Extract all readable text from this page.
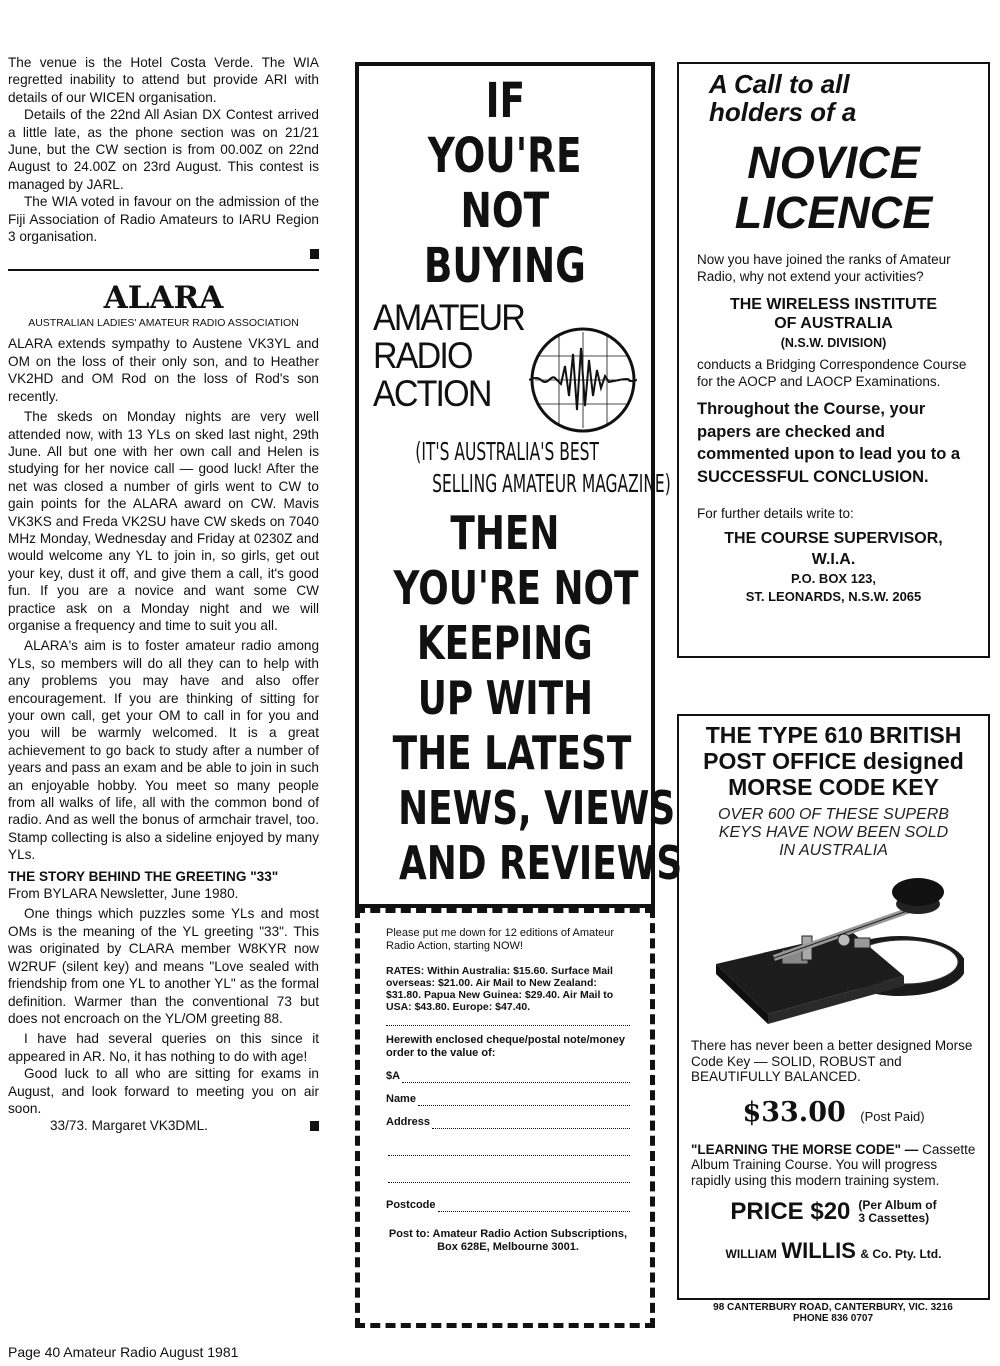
The venue is the Hotel Costa Verde. The WIA regretted inability to attend but provide ARI with details of our WICEN organisation.

Details of the 22nd All Asian DX Contest arrived a little late, as the phone section was on 21/21 June, but the CW section is from 00.00Z on 22nd August to 24.00Z on 23rd August. This contest is managed by JARL.

The WIA voted in favour on the admission of the Fiji Association of Radio Amateurs to IARU Region 3 organisation.

ALARA
AUSTRALIAN LADIES' AMATEUR RADIO ASSOCIATION

ALARA extends sympathy to Austene VK3YL and OM on the loss of their only son, and to Heather VK2HD and OM Rod on the loss of Rod's son recently.

The skeds on Monday nights are very well attended now, with 13 YLs on sked last night, 29th June. All but one with her own call and Helen is studying for her novice call — good luck! After the net was closed a number of girls went to CW to gain points for the ALARA award on CW. Mavis VK3KS and Freda VK2SU have CW skeds on 7040 MHz Monday, Wednesday and Friday at 0230Z and would welcome any YL to join in, so girls, get out your key, dust it off, and give them a call, it's good fun. If you are a novice and want some CW practice ask on a Monday night and we will organise a frequency and time to suit you all.

ALARA's aim is to foster amateur radio among YLs, so members will do all they can to help with any problems you may have and also offer encouragement. If you are thinking of sitting for your own call, get your OM to call in for you and you will be warmly welcomed. It is a great achievement to go back to study after a number of years and pass an exam and be able to join in such an enjoyable hobby. You meet so many people from all walks of life, all with the common bond of radio. And as well the bonus of armchair travel, too. Stamp collecting is also a sideline enjoyed by many YLs.

THE STORY BEHIND THE GREETING "33"

From BYLARA Newsletter, June 1980.

One things which puzzles some YLs and most OMs is the meaning of the YL greeting "33". This was originated by CLARA member W8KYR now W2RUF (silent key) and means "Love sealed with friendship from one YL to another YL" as the formal definition. Warmer than the conventional 73 but does not encroach on the YL/OM greeting 88.

I have had several queries on this since it appeared in AR. No, it has nothing to do with age!

Good luck to all who are sitting for exams in August, and look forward to meeting you on air soon.

33/73. Margaret VK3DML.

Page 40 Amateur Radio August 1981
IF
YOU'RE
NOT
BUYING
AMATEUR
RADIO
ACTION
(IT'S AUSTRALIA'S BEST
SELLING AMATEUR MAGAZINE)
THEN
YOU'RE NOT
KEEPING
UP WITH
THE LATEST
NEWS, VIEWS
AND REVIEWS

Please put me down for 12 editions of Amateur Radio Action, starting NOW!

RATES: Within Australia: $15.60. Surface Mail overseas: $21.00. Air Mail to New Zealand: $31.80. Papua New Guinea: $29.40. Air Mail to USA: $43.80. Europe: $47.40.

Herewith enclosed cheque/postal note/money order to the value of:

$A
Name
Address
Postcode

Post to: Amateur Radio Action Subscriptions, Box 628E, Melbourne 3001.

A Call to all
holders of a
NOVICE
LICENCE

Now you have joined the ranks of Amateur Radio, why not extend your activities?

THE WIRELESS INSTITUTE
OF AUSTRALIA
(N.S.W. DIVISION)

conducts a Bridging Correspondence Course for the AOCP and LAOCP Examinations.

Throughout the Course, your papers are checked and commented upon to lead you to a SUCCESSFUL CONCLUSION.

For further details write to:

THE COURSE SUPERVISOR,
W.I.A.
P.O. BOX 123,
ST. LEONARDS, N.S.W. 2065
THE TYPE 610 BRITISH
POST OFFICE designed
MORSE CODE KEY
OVER 600 OF THESE SUPERB
KEYS HAVE NOW BEEN SOLD
IN AUSTRALIA

There has never been a better designed Morse Code Key — SOLID, ROBUST and BEAUTIFULLY BALANCED.

$33.00 (Post Paid)

"LEARNING THE MORSE CODE" — Cassette Album Training Course. You will progress rapidly using this modern training system.

PRICE $20 (Per Album of
3 Cassettes)
WILLIAM WILLIS & Co. Pty. Ltd.
98 CANTERBURY ROAD, CANTERBURY, VIC. 3216
PHONE 836 0707
